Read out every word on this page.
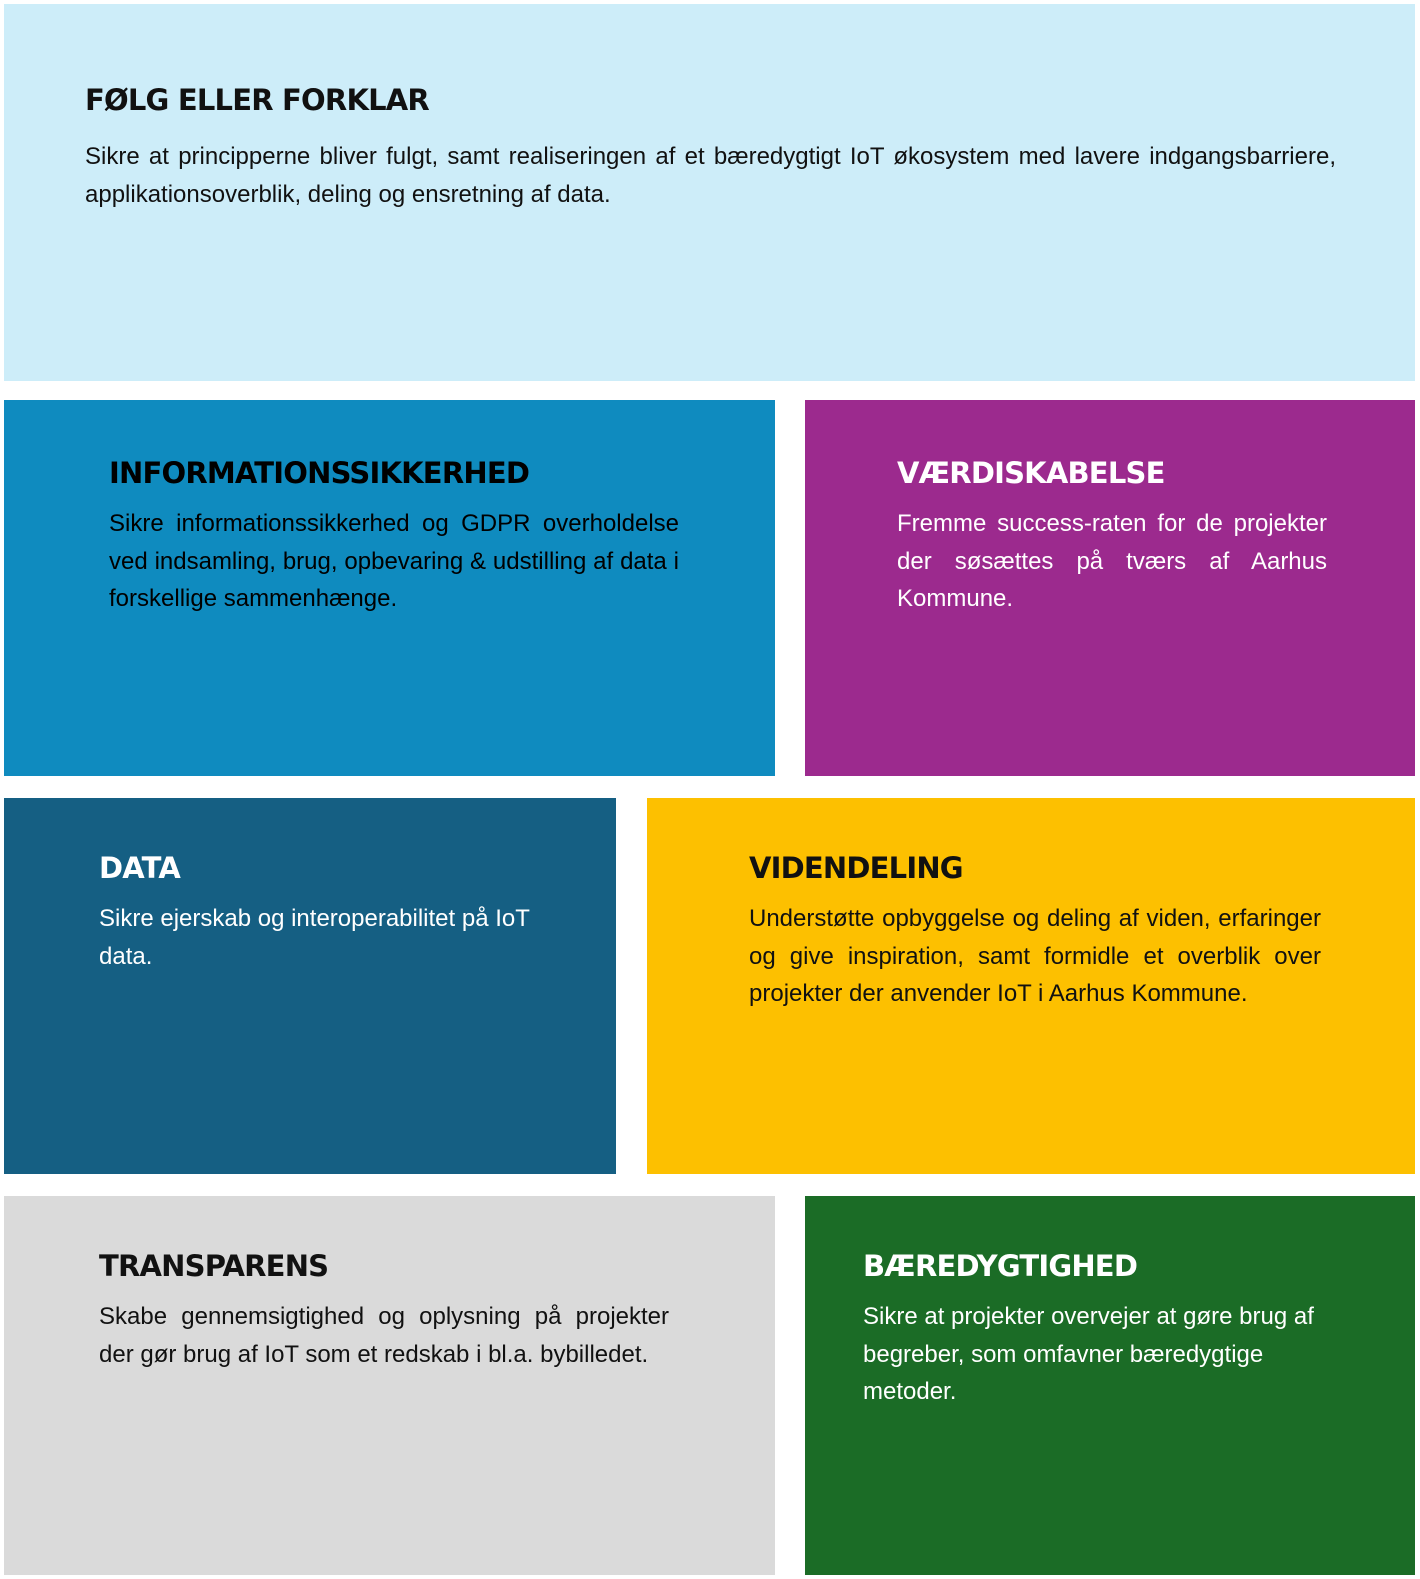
FØLG ELLER FORKLAR

Sikre at principperne bliver fulgt, samt realiseringen af et bæredygtigt IoT økosystem med lavere indgangsbarriere, applikationsoverblik, deling og ensretning af data.

INFORMATIONSSIKKERHED

Sikre informationssikkerhed og GDPR overholdelse ved indsamling, brug, opbevaring & udstilling af data i forskellige sammenhænge.

VÆRDISKABELSE

Fremme success-raten for de projekter der søsættes på tværs af Aarhus Kommune.

DATA

Sikre ejerskab og interoperabilitet på IoT data.

VIDENDELING

Understøtte opbyggelse og deling af viden, erfaringer og give inspiration, samt formidle et overblik over projekter der anvender IoT i Aarhus Kommune.

TRANSPARENS

Skabe gennemsigtighed og oplysning på projekter der gør brug af IoT som et redskab i bl.a. bybilledet.

BÆREDYGTIGHED

Sikre at projekter overvejer at gøre brug af begreber, som omfavner bæredygtige metoder.
